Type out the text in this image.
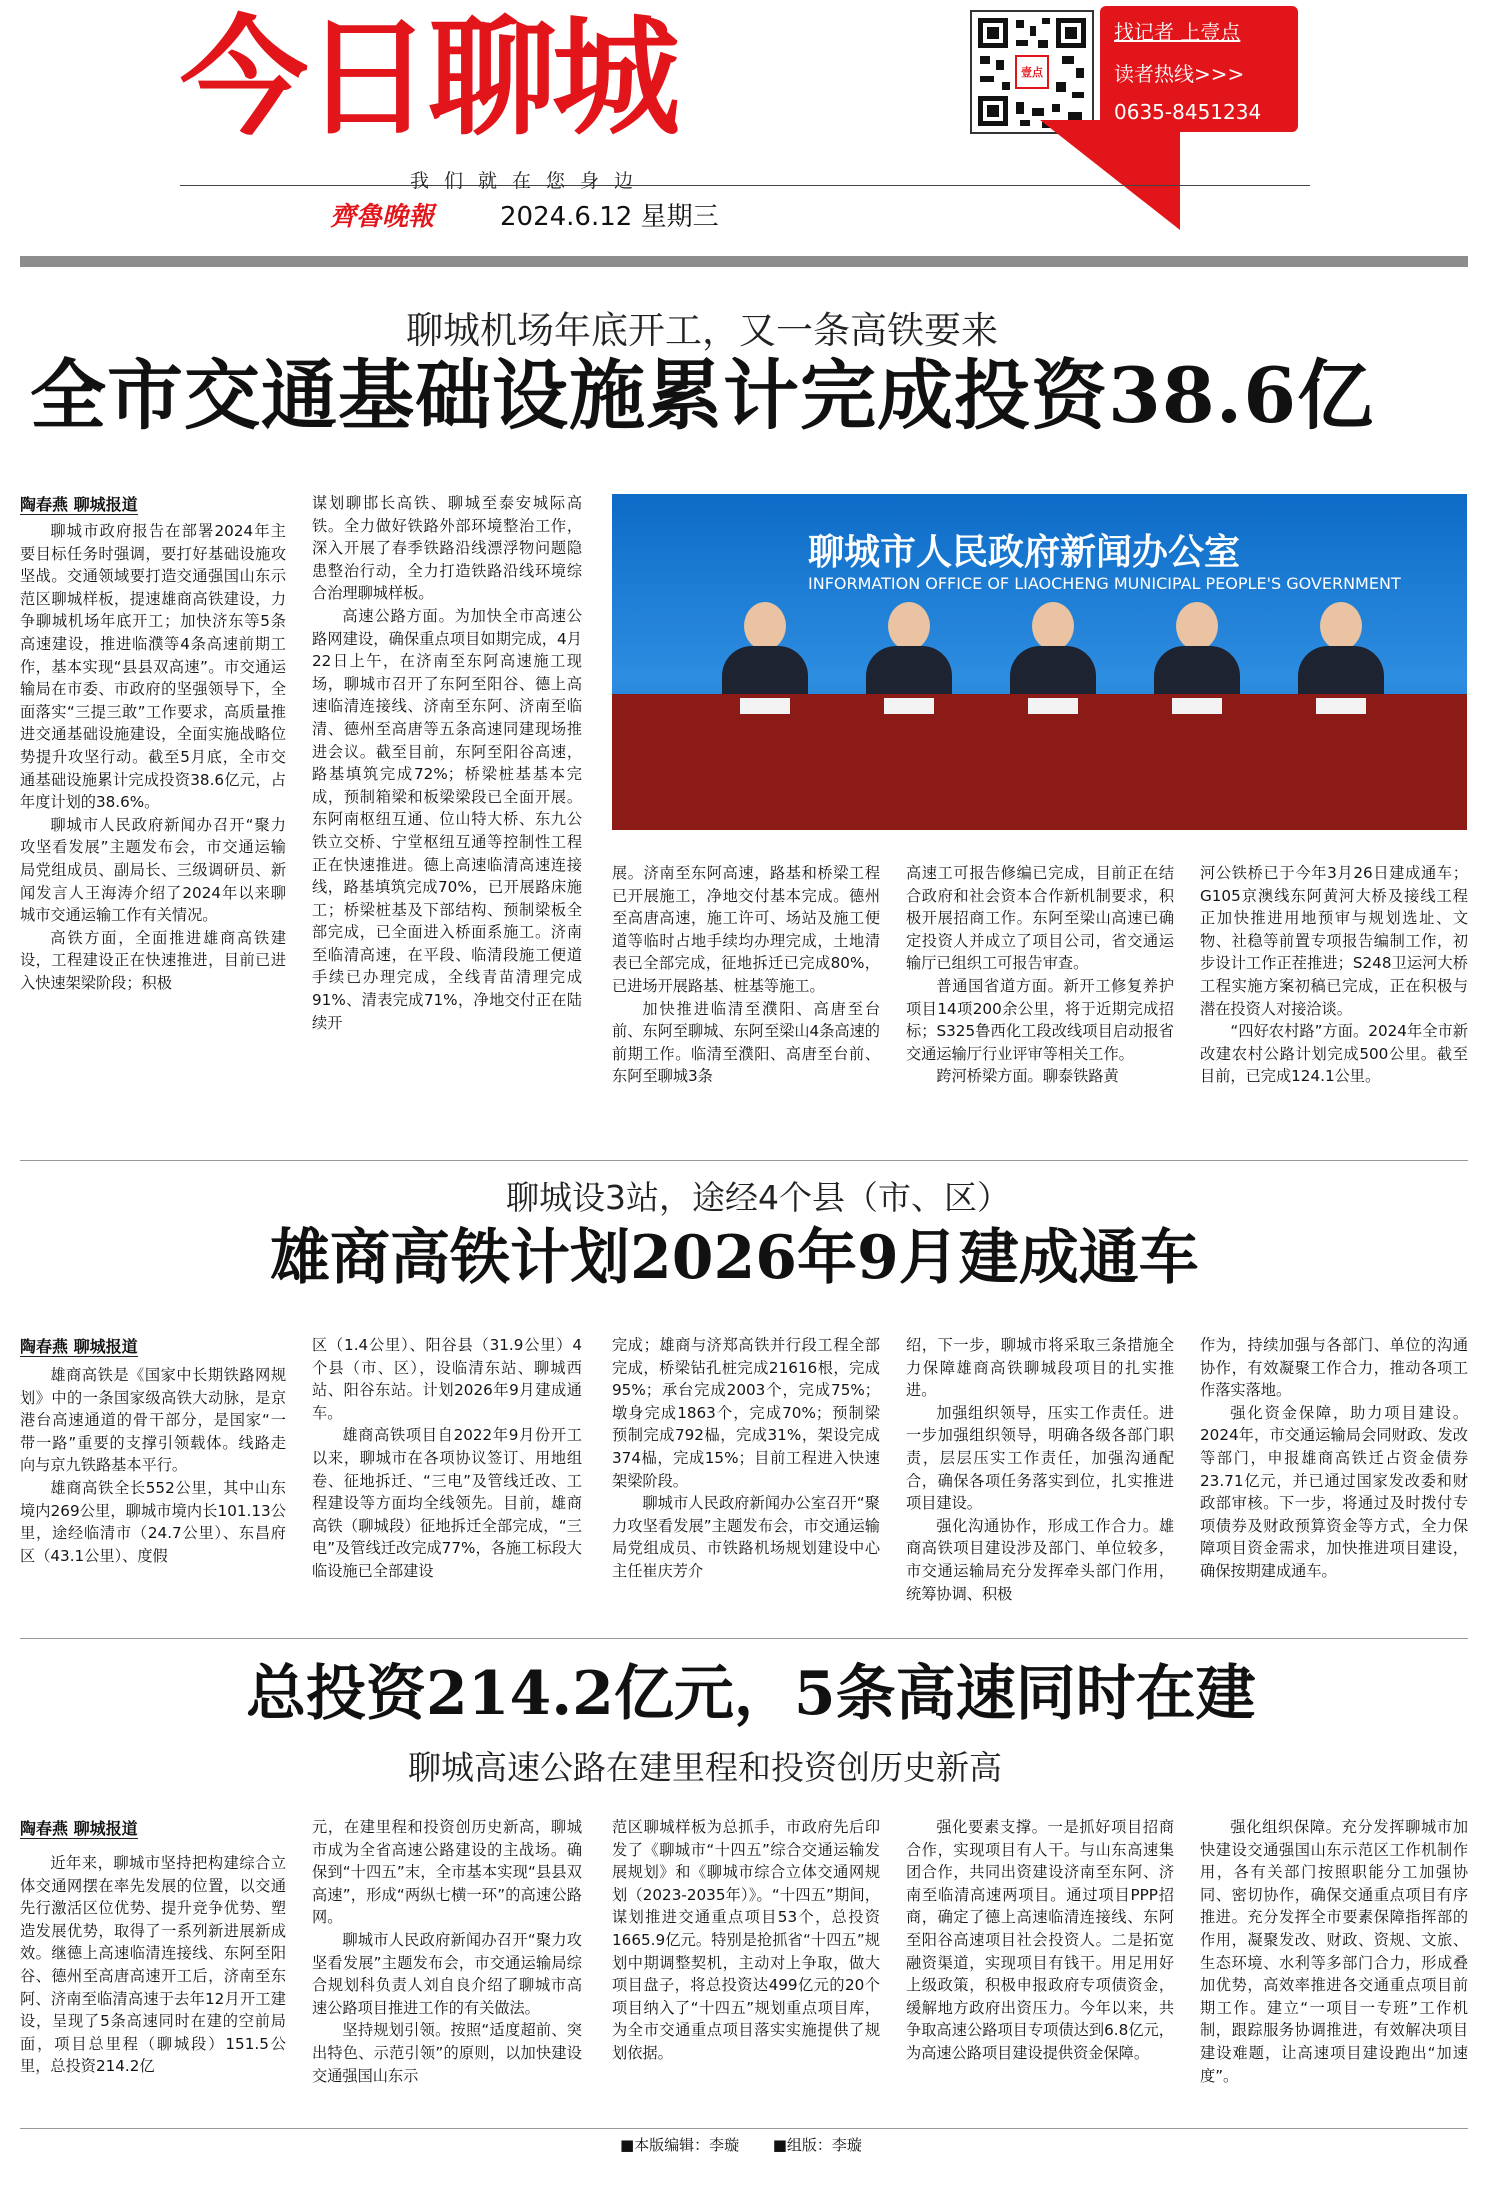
今日聊城	壹点
找记者 上壹点
读者热线>>>
0635-8451234
我们就在您身边
齊魯晚報	2024.6.12 星期三
聊城机场年底开工，又一条高铁要来
全市交通基础设施累计完成投资38.6亿
陶春燕 聊城报道

聊城市政府报告在部署2024年主要目标任务时强调，要打好基础设施攻坚战。交通领域要打造交通强国山东示范区聊城样板，提速雄商高铁建设，力争聊城机场年底开工；加快济东等5条高速建设，推进临濮等4条高速前期工作，基本实现“县县双高速”。市交通运输局在市委、市政府的坚强领导下，全面落实“三提三敢”工作要求，高质量推进交通基础设施建设，全面实施战略位势提升攻坚行动。截至5月底，全市交通基础设施累计完成投资38.6亿元，占年度计划的38.6%。

聊城市人民政府新闻办召开“聚力攻坚看发展”主题发布会，市交通运输局党组成员、副局长、三级调研员、新闻发言人王海涛介绍了2024年以来聊城市交通运输工作有关情况。

高铁方面，全面推进雄商高铁建设，工程建设正在快速推进，目前已进入快速架梁阶段；积极

谋划聊邯长高铁、聊城至泰安城际高铁。全力做好铁路外部环境整治工作，深入开展了春季铁路沿线漂浮物问题隐患整治行动，全力打造铁路沿线环境综合治理聊城样板。

高速公路方面。为加快全市高速公路网建设，确保重点项目如期完成，4月22日上午，在济南至东阿高速施工现场，聊城市召开了东阿至阳谷、德上高速临清连接线、济南至东阿、济南至临清、德州至高唐等五条高速同建现场推进会议。截至目前，东阿至阳谷高速，路基填筑完成72%；桥梁桩基基本完成，预制箱梁和板梁梁段已全面开展。东阿南枢纽互通、位山特大桥、东九公铁立交桥、宁堂枢纽互通等控制性工程正在快速推进。德上高速临清高速连接线，路基填筑完成70%，已开展路床施工；桥梁桩基及下部结构、预制梁板全部完成，已全面进入桥面系施工。济南至临清高速，在平段、临清段施工便道手续已办理完成，全线青苗清理完成91%、清表完成71%，净地交付正在陆续开

聊城市人民政府新闻办公室
INFORMATION OFFICE OF LIAOCHENG MUNICIPAL PEOPLE'S GOVERNMENT

展。济南至东阿高速，路基和桥梁工程已开展施工，净地交付基本完成。德州至高唐高速，施工许可、场站及施工便道等临时占地手续均办理完成，土地清表已全部完成，征地拆迁已完成80%，已进场开展路基、桩基等施工。

加快推进临清至濮阳、高唐至台前、东阿至聊城、东阿至梁山4条高速的前期工作。临清至濮阳、高唐至台前、东阿至聊城3条

高速工可报告修编已完成，目前正在结合政府和社会资本合作新机制要求，积极开展招商工作。东阿至梁山高速已确定投资人并成立了项目公司，省交通运输厅已组织工可报告审查。

普通国省道方面。新开工修复养护项目14项200余公里，将于近期完成招标；S325鲁西化工段改线项目启动报省交通运输厅行业评审等相关工作。

跨河桥梁方面。聊泰铁路黄

河公铁桥已于今年3月26日建成通车；G105京澳线东阿黄河大桥及接线工程正加快推进用地预审与规划选址、文物、社稳等前置专项报告编制工作，初步设计工作正茬推进；S248卫运河大桥工程实施方案初稿已完成，正在积极与潜在投资人对接洽谈。

“四好农村路”方面。2024年全市新改建农村公路计划完成500公里。截至目前，已完成124.1公里。

聊城设3站，途经4个县（市、区）
雄商高铁计划2026年9月建成通车
陶春燕 聊城报道

雄商高铁是《国家中长期铁路网规划》中的一条国家级高铁大动脉，是京港台高速通道的骨干部分，是国家“一带一路”重要的支撑引领载体。线路走向与京九铁路基本平行。

雄商高铁全长552公里，其中山东境内269公里，聊城市境内长101.13公里，途经临清市（24.7公里）、东昌府区（43.1公里）、度假

区（1.4公里）、阳谷县（31.9公里）4个县（市、区），设临清东站、聊城西站、阳谷东站。计划2026年9月建成通车。

雄商高铁项目自2022年9月份开工以来，聊城市在各项协议签订、用地组卷、征地拆迁、“三电”及管线迁改、工程建设等方面均全线领先。目前，雄商高铁（聊城段）征地拆迁全部完成，“三电”及管线迁改完成77%，各施工标段大临设施已全部建设

完成；雄商与济郑高铁并行段工程全部完成，桥梁钻孔桩完成21616根，完成95%；承台完成2003个，完成75%；墩身完成1863个，完成70%；预制梁预制完成792榀，完成31%，架设完成374榀，完成15%；目前工程进入快速架梁阶段。

聊城市人民政府新闻办公室召开“聚力攻坚看发展”主题发布会，市交通运输局党组成员、市铁路机场规划建设中心主任崔庆芳介

绍，下一步，聊城市将采取三条措施全力保障雄商高铁聊城段项目的扎实推进。

加强组织领导，压实工作责任。进一步加强组织领导，明确各级各部门职责，层层压实工作责任，加强沟通配合，确保各项任务落实到位，扎实推进项目建设。

强化沟通协作，形成工作合力。雄商高铁项目建设涉及部门、单位较多，市交通运输局充分发挥牵头部门作用，统筹协调、积极

作为，持续加强与各部门、单位的沟通协作，有效凝聚工作合力，推动各项工作落实落地。

强化资金保障，助力项目建设。2024年，市交通运输局会同财政、发改等部门，申报雄商高铁迁占资金债券23.71亿元，并已通过国家发改委和财政部审核。下一步，将通过及时拨付专项债券及财政预算资金等方式，全力保障项目资金需求，加快推进项目建设，确保按期建成通车。

总投资214.2亿元，5条高速同时在建
聊城高速公路在建里程和投资创历史新高
陶春燕 聊城报道

近年来，聊城市坚持把构建综合立体交通网摆在率先发展的位置，以交通先行激活区位优势、提升竞争优势、塑造发展优势，取得了一系列新进展新成效。继德上高速临清连接线、东阿至阳谷、德州至高唐高速开工后，济南至东阿、济南至临清高速于去年12月开工建设，呈现了5条高速同时在建的空前局面，项目总里程（聊城段）151.5公里，总投资214.2亿

元，在建里程和投资创历史新高，聊城市成为全省高速公路建设的主战场。确保到“十四五”末，全市基本实现“县县双高速”，形成“两纵七横一环”的高速公路网。

聊城市人民政府新闻办召开“聚力攻坚看发展”主题发布会，市交通运输局综合规划科负责人刘自良介绍了聊城市高速公路项目推进工作的有关做法。

坚持规划引领。按照“适度超前、突出特色、示范引领”的原则，以加快建设交通强国山东示

范区聊城样板为总抓手，市政府先后印发了《聊城市“十四五”综合交通运输发展规划》和《聊城市综合立体交通网规划（2023-2035年）》。“十四五”期间，谋划推进交通重点项目53个，总投资1665.9亿元。特别是抢抓省“十四五”规划中期调整契机，主动对上争取，做大项目盘子，将总投资达499亿元的20个项目纳入了“十四五”规划重点项目库，为全市交通重点项目落实实施提供了规划依据。

强化要素支撑。一是抓好项目招商合作，实现项目有人干。与山东高速集团合作，共同出资建设济南至东阿、济南至临清高速两项目。通过项目PPP招商，确定了德上高速临清连接线、东阿至阳谷高速项目社会投资人。二是拓宽融资渠道，实现项目有钱干。用足用好上级政策，积极申报政府专项债资金，缓解地方政府出资压力。今年以来，共争取高速公路项目专项债达到6.8亿元，为高速公路项目建设提供资金保障。

强化组织保障。充分发挥聊城市加快建设交通强国山东示范区工作机制作用，各有关部门按照职能分工加强协同、密切协作，确保交通重点项目有序推进。充分发挥全市要素保障指挥部的作用，凝聚发改、财政、资规、文旅、生态环境、水利等多部门合力，形成叠加优势，高效率推进各交通重点项目前期工作。建立“一项目一专班”工作机制，跟踪服务协调推进，有效解决项目建设难题，让高速项目建设跑出“加速度”。

■本版编辑：李璇 ■组版：李璇
